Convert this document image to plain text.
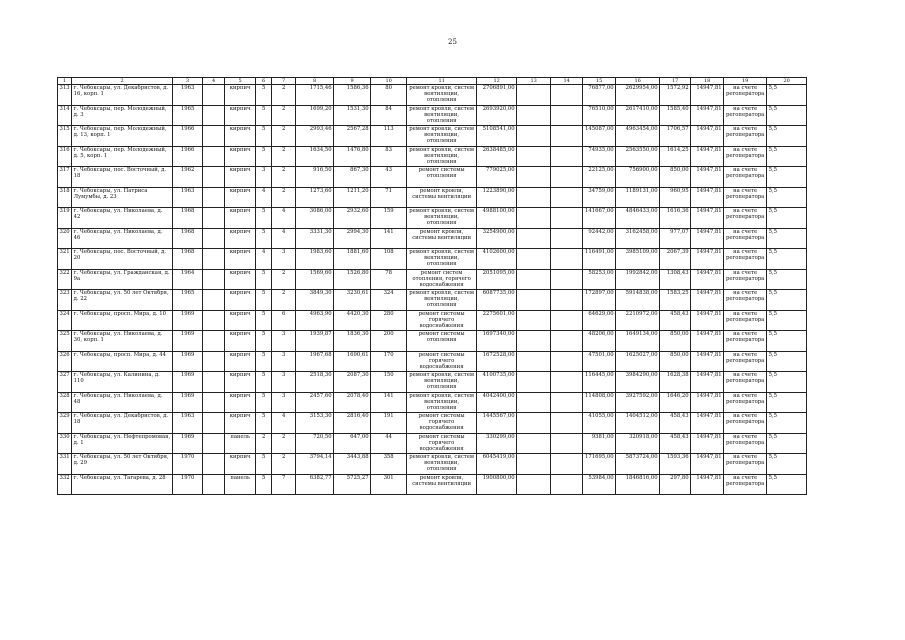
25
1	2	3	4	5	6	7	8	9	10	11	12	13	14	15	16	17	18	19	20
313	г. Чебоксары, ул. Декабристов, д. 16, корп. 1	1963		кирпич	5	2	1715,46	1586,36	80	ремонт кровли, систем вентиляции, отопления	2706891,00			76877,00	2629954,00	1572,92	14947,81	на счете регоператора	5,5
314	г. Чебоксары, пер. Молодежный, д. 3	1965		кирпич	5	2	1699,20	1531,30	84	ремонт кровли, систем вентиляции, отопления	2693920,00			76510,00	2617410,00	1585,40	14947,81	на счете регоператора	5,5
315	г. Чебоксары, пер. Молодежный, д. 13, корп. 1	1966		кирпич	5	2	2993,46	2567,28	113	ремонт кровли, систем вентиляции, отопления	5108541,00			145087,00	4963454,00	1706,57	14947,81	на счете регоператора	5,5
316	г. Чебоксары, пер. Молодежный, д. 5, корп. 1	1966		кирпич	5	2	1634,50	1476,80	83	ремонт кровли, систем вентиляции, отопления	2638485,00			74935,00	2563550,00	1614,25	14947,81	на счете регоператора	5,5
317	г. Чебоксары, пос. Восточный, д. 18	1962		кирпич	3	2	916,50	867,30	43	ремонт системы отопления	779025,00			22125,00	756900,00	850,00	14947,81	на счете регоператора	5,5
318	г. Чебоксары, ул. Патриса Лумумбы, д. 23	1963		кирпич	4	2	1273,60	1211,20	71	ремонт кровли, системы вентиляции	1223890,00			34759,00	1189131,00	960,95	14947,81	на счете регоператора	5,5
319	г. Чебоксары, ул. Николаева, д. 42	1968		кирпич	5	4	3086,00	2932,60	159	ремонт кровли, систем вентиляции, отопления	4988100,00			141667,00	4846433,00	1616,36	14947,81	на счете регоператора	5,5
320	г. Чебоксары, ул. Николаева, д. 46	1968		кирпич	5	4	3331,30	2994,30	141	ремонт кровли, системы вентиляции	3254900,00			92442,00	3162458,00	977,07	14947,81	на счете регоператора	5,5
321	г. Чебоксары, пос. Восточный, д. 20	1968		кирпич	4	3	1983,60	1881,60	108	ремонт кровли, систем вентиляции, отопления	4102600,00			116491,00	3985109,00	2067,39	14947,81	на счете регоператора	5,5
322	г. Чебоксары, ул. Гражданская, д. 9а	1964		кирпич	5	2	1569,60	1526,80	78	ремонт систем отопления, горячего водоснабжения	2051095,00			58253,00	1992842,00	1308,43	14947,81	на счете регоператора	5,5
323	г. Чебоксары, ул. 50 лет Октября, д. 22	1965		кирпич	5	2	3849,30	3230,61	324	ремонт кровли, систем вентиляции, отопления	6087735,00			172897,00	5914838,00	1583,25	14947,81	на счете регоператора	5,5
324	г. Чебоксары, просп. Мира, д. 10	1969		кирпич	5	6	4963,90	4420,30	280	ремонт системы горячего водоснабжения	2275601,00			64629,00	2210972,00	458,43	14947,81	на счете регоператора	5,5
325	г. Чебоксары, ул. Николаева, д. 30, корп. 1	1969		кирпич	5	3	1939,87	1836,30	200	ремонт системы отопления	1697340,00			48206,00	1649134,00	850,00	14947,81	на счете регоператора	5,5
326	г. Чебоксары, просп. Мира, д. 44	1969		кирпич	5	3	1967,68	1690,61	170	ремонт системы горячего водоснабжения	1672528,00			47501,00	1625027,00	850,00	14947,81	на счете регоператора	5,5
327	г. Чебоксары, ул. Калинина, д. 110	1969		кирпич	5	3	2518,30	2087,30	150	ремонт кровли, систем вентиляции, отопления	4100735,00			116445,00	3984290,00	1628,38	14947,81	на счете регоператора	5,5
328	г. Чебоксары, ул. Николаева, д. 48	1969		кирпич	5	3	2457,60	2078,40	141	ремонт кровли, систем вентиляции, отопления	4042400,00			114808,00	3927592,00	1646,20	14947,81	на счете регоператора	5,5
329	г. Чебоксары, ул. Декабристов, д. 18	1963		кирпич	5	4	3153,30	2816,40	191	ремонт системы горячего водоснабжения	1445567,00			41055,00	1404512,00	458,43	14947,81	на счете регоператора	5,5
330	г. Чебоксары, ул. Нефтепромовая, д. 1	1969		панель	2	2	720,50	647,00	44	ремонт системы горячего водоснабжения	330299,00			9381,00	320918,00	458,43	14947,81	на счете регоператора	5,5
331	г. Чебоксары, ул. 50 лет Октября, д. 29	1970		кирпич	5	2	3794,14	3443,88	358	ремонт кровли, систем вентиляции, отопления	6045419,00			171695,00	5873724,00	1593,36	14947,81	на счете регоператора	5,5
332	г. Чебоксары, ул. Тагарева, д. 28	1970		панель	5	7	6382,77	5725,27	301	ремонт кровли, системы вентиляции	1900800,00			53984,00	1846816,00	297,80	14947,81	на счете регоператора	5,5
